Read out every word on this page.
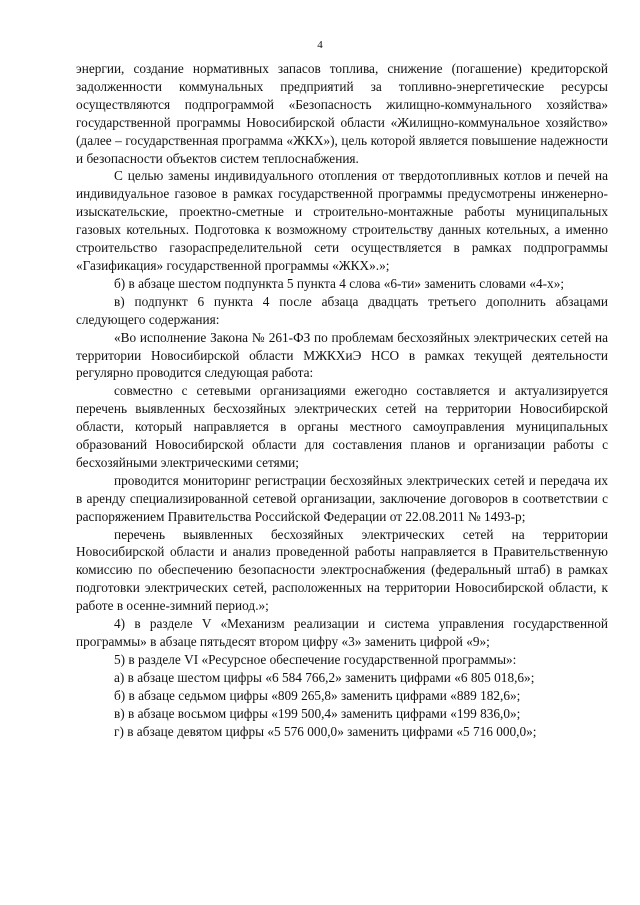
4

энергии, создание нормативных запасов топлива, снижение (погашение) кредиторской задолженности коммунальных предприятий за топливно-энергетические ресурсы осуществляются подпрограммой «Безопасность жилищно-коммунального хозяйства» государственной программы Новосибирской области «Жилищно-коммунальное хозяйство» (далее – государственная программа «ЖКХ»), цель которой является повышение надежности и безопасности объектов систем теплоснабжения.

С целью замены индивидуального отопления от твердотопливных котлов и печей на индивидуальное газовое в рамках государственной программы предусмотрены инженерно-изыскательские, проектно-сметные и строительно-монтажные работы муниципальных газовых котельных. Подготовка к возможному строительству данных котельных, а именно строительство газораспределительной сети осуществляется в рамках подпрограммы «Газификация» государственной программы «ЖКХ».»;

б) в абзаце шестом подпункта 5 пункта 4 слова «6-ти» заменить словами «4-х»;

в) подпункт 6 пункта 4 после абзаца двадцать третьего дополнить абзацами следующего содержания:

«Во исполнение Закона № 261-ФЗ по проблемам бесхозяйных электрических сетей на территории Новосибирской области МЖКХиЭ НСО в рамках текущей деятельности регулярно проводится следующая работа:

совместно с сетевыми организациями ежегодно составляется и актуализируется перечень выявленных бесхозяйных электрических сетей на территории Новосибирской области, который направляется в органы местного самоуправления муниципальных образований Новосибирской области для составления планов и организации работы с бесхозяйными электрическими сетями;

проводится мониторинг регистрации бесхозяйных электрических сетей и передача их в аренду специализированной сетевой организации, заключение договоров в соответствии с распоряжением Правительства Российской Федерации от 22.08.2011 № 1493-р;

перечень выявленных бесхозяйных электрических сетей на территории Новосибирской области и анализ проведенной работы направляется в Правительственную комиссию по обеспечению безопасности электроснабжения (федеральный штаб) в рамках подготовки электрических сетей, расположенных на территории Новосибирской области, к работе в осенне-зимний период.»;

4) в разделе V «Механизм реализации и система управления государственной программы» в абзаце пятьдесят втором цифру «3» заменить цифрой «9»;

5) в разделе VI «Ресурсное обеспечение государственной программы»:

а) в абзаце шестом цифры «6 584 766,2» заменить цифрами «6 805 018,6»;

б) в абзаце седьмом цифры «809 265,8» заменить цифрами «889 182,6»;

в) в абзаце восьмом цифры «199 500,4» заменить цифрами «199 836,0»;

г) в абзаце девятом цифры «5 576 000,0» заменить цифрами «5 716 000,0»;
